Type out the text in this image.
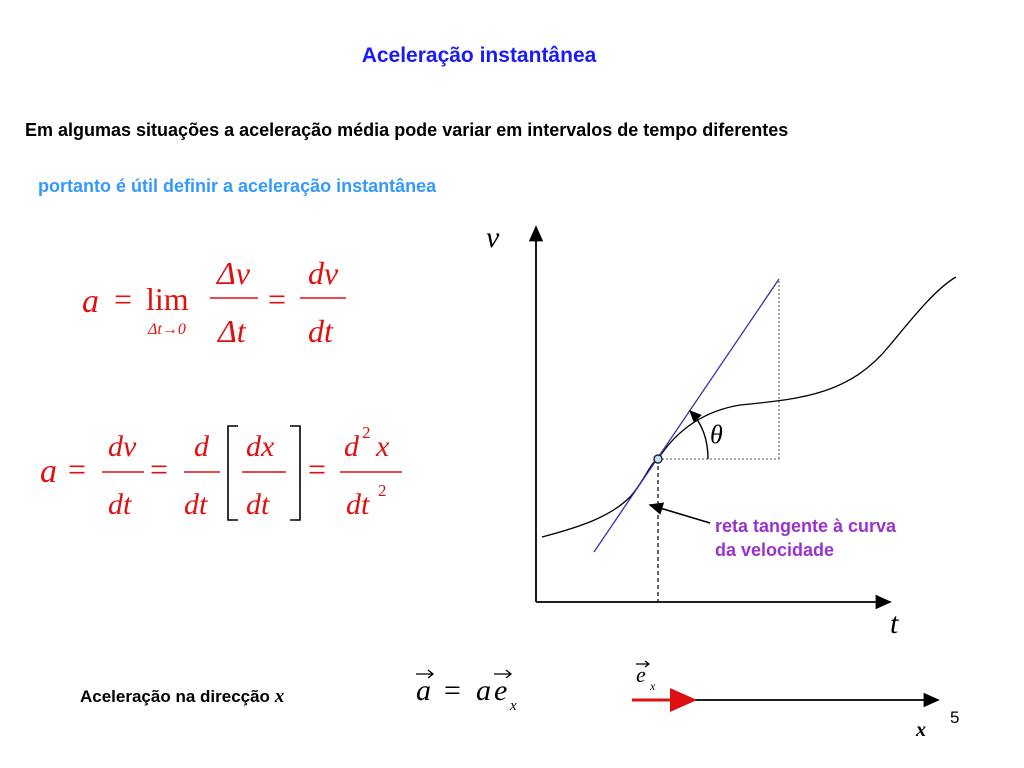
Aceleração instantânea
Em algumas situações a aceleração média pode variar em intervalos de tempo diferentes
portanto é útil definir a aceleração instantânea
a = lim
Δt→0
Δv
Δt
=
dv
dt
a =
dv
dt
=
d
dt
dx
dt
=
d 2 x
dt 2
v
t
θ
reta tangente à curva
da velocidade
a = a e x
Aceleração na direcção x
e x
x
5
